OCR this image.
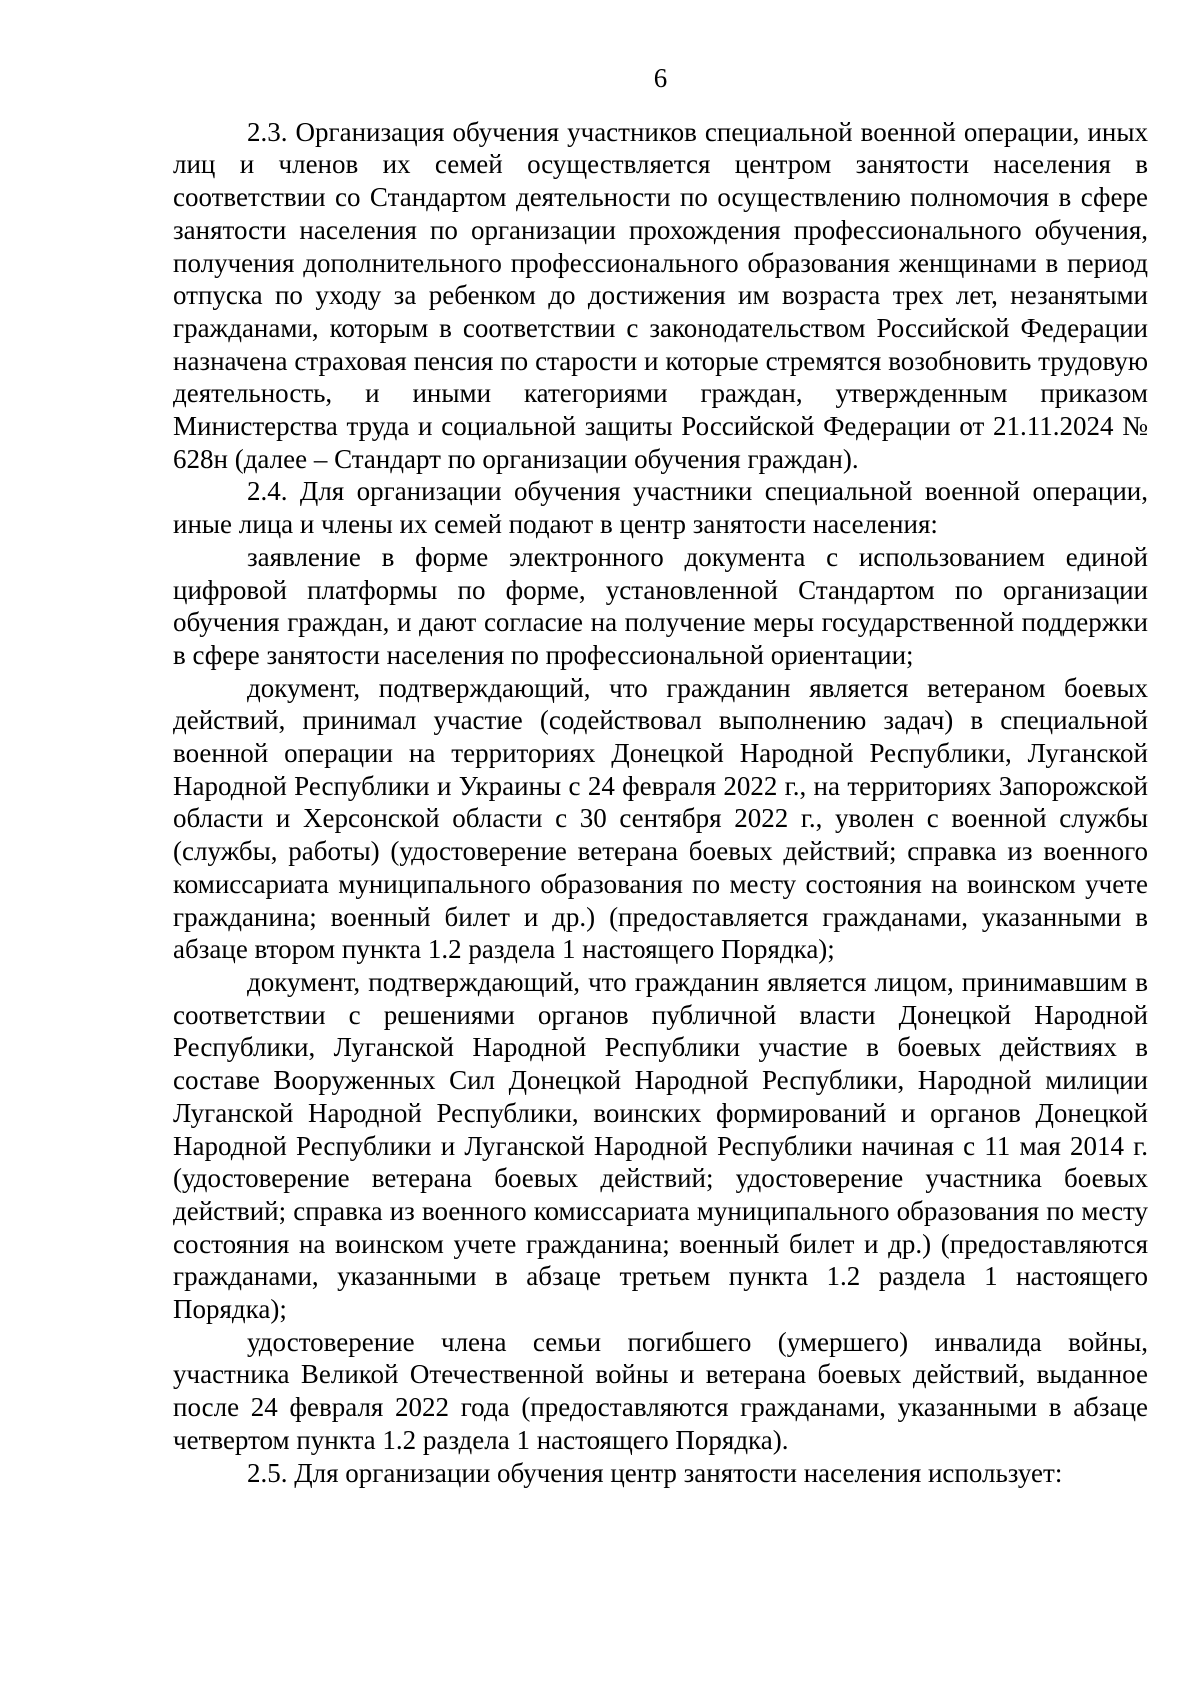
6

2.3. Организация обучения участников специальной военной операции, иных лиц и членов их семей осуществляется центром занятости населения в соответствии со Стандартом деятельности по осуществлению полномочия в сфере занятости населения по организации прохождения профессионального обучения, получения дополнительного профессионального образования женщинами в период отпуска по уходу за ребенком до достижения им возраста трех лет, незанятыми гражданами, которым в соответствии с законодательством Российской Федерации назначена страховая пенсия по старости и которые стремятся возобновить трудовую деятельность, и иными категориями граждан, утвержденным приказом Министерства труда и социальной защиты Российской Федерации от 21.11.2024 № 628н (далее – Стандарт по организации обучения граждан).

2.4. Для организации обучения участники специальной военной операции, иные лица и члены их семей подают в центр занятости населения:

заявление в форме электронного документа с использованием единой цифровой платформы по форме, установленной Стандартом по организации обучения граждан, и дают согласие на получение меры государственной поддержки в сфере занятости населения по профессиональной ориентации;

документ, подтверждающий, что гражданин является ветераном боевых действий, принимал участие (содействовал выполнению задач) в специальной военной операции на территориях Донецкой Народной Республики, Луганской Народной Республики и Украины с 24 февраля 2022 г., на территориях Запорожской области и Херсонской области с 30 сентября 2022 г., уволен с военной службы (службы, работы) (удостоверение ветерана боевых действий; справка из военного комиссариата муниципального образования по месту состояния на воинском учете гражданина; военный билет и др.) (предоставляется гражданами, указанными в абзаце втором пункта 1.2 раздела 1 настоящего Порядка);

документ, подтверждающий, что гражданин является лицом, принимавшим в соответствии с решениями органов публичной власти Донецкой Народной Республики, Луганской Народной Республики участие в боевых действиях в составе Вооруженных Сил Донецкой Народной Республики, Народной милиции Луганской Народной Республики, воинских формирований и органов Донецкой Народной Республики и Луганской Народной Республики начиная с 11 мая 2014 г. (удостоверение ветерана боевых действий; удостоверение участника боевых действий; справка из военного комиссариата муниципального образования по месту состояния на воинском учете гражданина; военный билет и др.) (предоставляются гражданами, указанными в абзаце третьем пункта 1.2 раздела 1 настоящего Порядка);

удостоверение члена семьи погибшего (умершего) инвалида войны, участника Великой Отечественной войны и ветерана боевых действий, выданное после 24 февраля 2022 года (предоставляются гражданами, указанными в абзаце четвертом пункта 1.2 раздела 1 настоящего Порядка).

2.5. Для организации обучения центр занятости населения использует:
